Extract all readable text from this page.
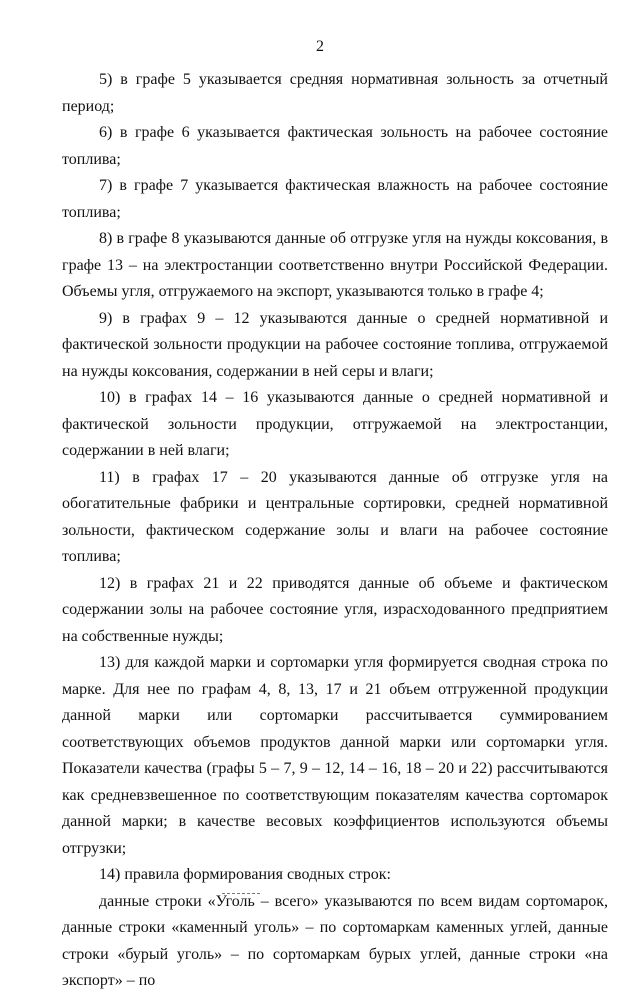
2

5) в графе 5 указывается средняя нормативная зольность за отчетный период;

6) в графе 6 указывается фактическая зольность на рабочее состояние топлива;

7) в графе 7 указывается фактическая влажность на рабочее состояние топлива;

8) в графе 8 указываются данные об отгрузке угля на нужды коксования, в графе 13 – на электростанции соответственно внутри Российской Федерации. Объемы угля, отгружаемого на экспорт, указываются только в графе 4;

9) в графах 9 – 12 указываются данные о средней нормативной и фактической зольности продукции на рабочее состояние топлива, отгружаемой на нужды коксования, содержании в ней серы и влаги;

10) в графах 14 – 16 указываются данные о средней нормативной и фактической зольности продукции, отгружаемой на электростанции, содержании в ней влаги;

11) в графах 17 – 20 указываются данные об отгрузке угля на обогатительные фабрики и центральные сортировки, средней нормативной зольности, фактическом содержание золы и влаги на рабочее состояние топлива;

12) в графах 21 и 22 приводятся данные об объеме и фактическом содержании золы на рабочее состояние угля, израсходованного предприятием на собственные нужды;

13) для каждой марки и сортомарки угля формируется сводная строка по марке. Для нее по графам 4, 8, 13, 17 и 21 объем отгруженной продукции данной марки или сортомарки рассчитывается суммированием соответствующих объемов продуктов данной марки или сортомарки угля. Показатели качества (графы 5 – 7, 9 – 12, 14 – 16, 18 – 20 и 22) рассчитываются как средневзвешенное по соответствующим показателям качества сортомарок данной марки; в качестве весовых коэффициентов используются объемы отгрузки;

14) правила формирования сводных строк:

данные строки «Уголь – всего» указываются по всем видам сортомарок, данные строки «каменный уголь» – по сортомаркам каменных углей, данные строки «бурый уголь» – по сортомаркам бурых углей, данные строки «на экспорт» – по
